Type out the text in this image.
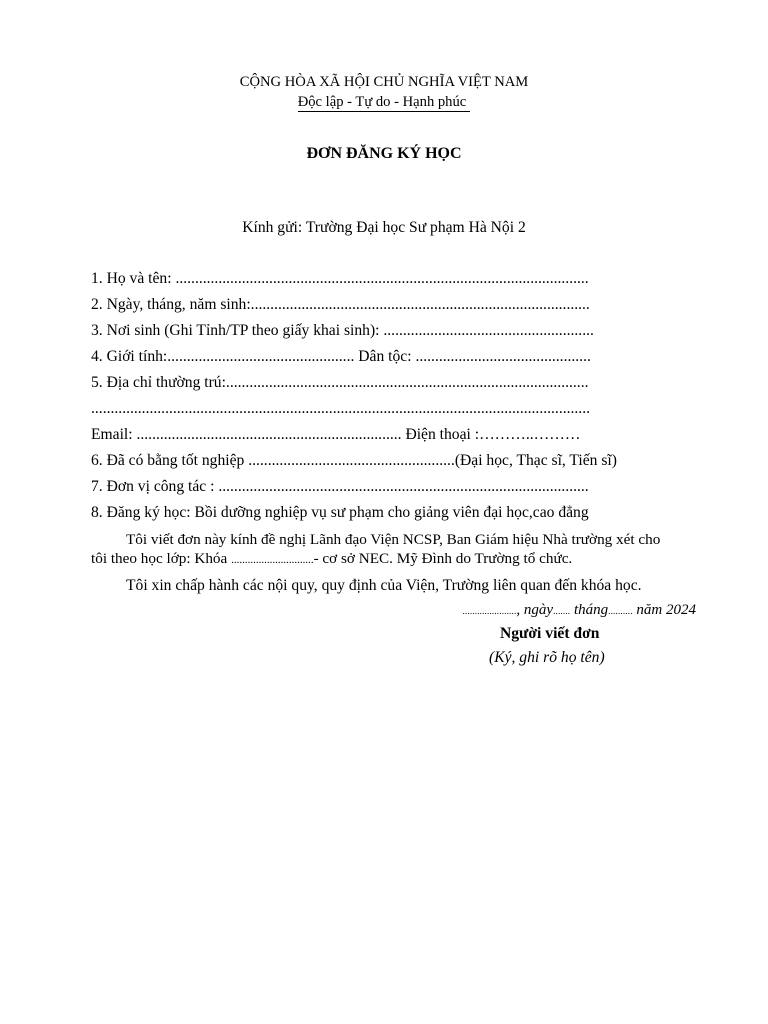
CỘNG HÒA XÃ HỘI CHỦ NGHĨA VIỆT NAM
Độc lập - Tự do - Hạnh phúc
ĐƠN ĐĂNG KÝ HỌC
Kính gửi: Trường Đại học Sư phạm Hà Nội 2
1. Họ và tên: ..........................................................................................................
2. Ngày, tháng, năm sinh:.......................................................................................
3. Nơi sinh (Ghi Tỉnh/TP theo giấy khai sinh): ......................................................
4. Giới tính:................................................ Dân tộc: .............................................
5. Địa chỉ thường trú:.............................................................................................
................................................................................................................................
Email: .................................................................... Điện thoại :………..………
6. Đã có bằng tốt nghiệp .....................................................(Đại học, Thạc sĩ, Tiến sĩ)
7. Đơn vị công tác : ...............................................................................................
8. Đăng ký học: Bồi dưỡng nghiệp vụ sư phạm cho giảng viên đại học,cao đẳng
Tôi viết đơn này kính đề nghị Lãnh đạo Viện NCSP, Ban Giám hiệu Nhà trường xét cho
tôi theo học lớp: Khóa ..............................- cơ sở NEC. Mỹ Đình do Trường tổ chức.
Tôi xin chấp hành các nội quy, quy định của Viện, Trường liên quan đến khóa học.
......................, ngày....... tháng.......... năm 2024
Người viết đơn
(Ký, ghi rõ họ tên)
